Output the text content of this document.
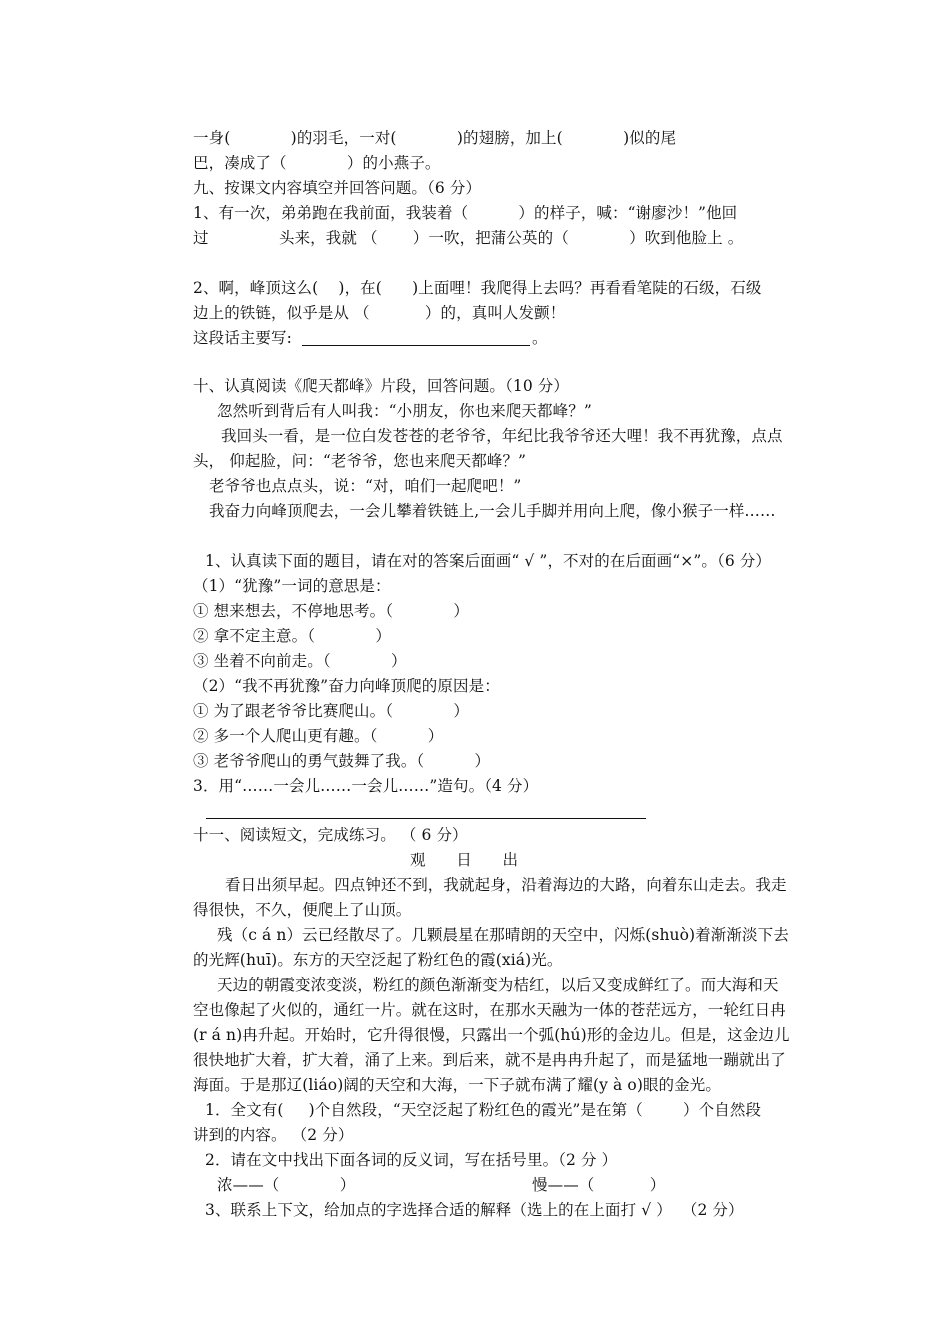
一身(            )的羽毛，一对(            )的翅膀，加上(            )似的尾
巴，凑成了（            ）的小燕子。
九、按课文内容填空并回答问题。（6 分）
1、有一次，弟弟跑在我前面，我装着（          ）的样子，喊：“谢廖沙！”他回
过              头来，我就 （       ）一吹，把蒲公英的（            ）吹到他脸上 。
2、啊，峰顶这么(    )，在(      )上面哩！我爬得上去吗？再看看笔陡的石级，石级
边上的铁链，似乎是从 （           ）的，真叫人发颤！
这段话主要写:	。
十、认真阅读《爬天都峰》片段，回答问题。（10 分）
忽然听到背后有人叫我：“小朋友，你也来爬天都峰？”
我回头一看，是一位白发苍苍的老爷爷，年纪比我爷爷还大哩！我不再犹豫，点点
头， 仰起脸，问：“老爷爷，您也来爬天都峰？”
老爷爷也点点头，说：“对，咱们一起爬吧！”
我奋力向峰顶爬去，一会儿攀着铁链上,一会儿手脚并用向上爬，像小猴子一样……
1、认真读下面的题目，请在对的答案后面画“ √ ”，不对的在后面画“×”。（6 分）
（1）“犹豫”一词的意思是：
① 想来想去，不停地思考。（            ）
② 拿不定主意。（            ）
③ 坐着不向前走。（            ）
（2）“我不再犹豫”奋力向峰顶爬的原因是：
① 为了跟老爷爷比赛爬山。（            ）
② 多一个人爬山更有趣。（          ）
③ 老爷爷爬山的勇气鼓舞了我。（          ）
3．用“……一会儿……一会儿……”造句。（4 分）
十一、阅读短文，完成练习。 （ 6 分）
观   日   出
看日出须早起。四点钟还不到，我就起身，沿着海边的大路，向着东山走去。我走
得很快，不久，便爬上了山顶。
残（c á n）云已经散尽了。几颗晨星在那晴朗的天空中，闪烁(shuò)着渐渐淡下去
的光辉(huī)。东方的天空泛起了粉红色的霞(xiá)光。
天边的朝霞变浓变淡，粉红的颜色渐渐变为桔红，以后又变成鲜红了。而大海和天
空也像起了火似的，通红一片。就在这时，在那水天融为一体的苍茫远方，一轮红日冉
(r á n)冉升起。开始时，它升得很慢，只露出一个弧(hú)形的金边儿。但是，这金边儿
很快地扩大着，扩大着，涌了上来。到后来，就不是冉冉升起了，而是猛地一蹦就出了
海面。于是那辽(liáo)阔的天空和大海，一下子就布满了耀(y à o)眼的金光。
1．全文有(     )个自然段，“天空泛起了粉红色的霞光”是在第（        ）个自然段
讲到的内容。 （2 分）
2．请在文中找出下面各词的反义词，写在括号里。（2 分 ）
浓——（            ）	慢——（           ）
3、联系上下文，给加点的字选择合适的解释（选上的在上面打 √ ）  （2 分）
